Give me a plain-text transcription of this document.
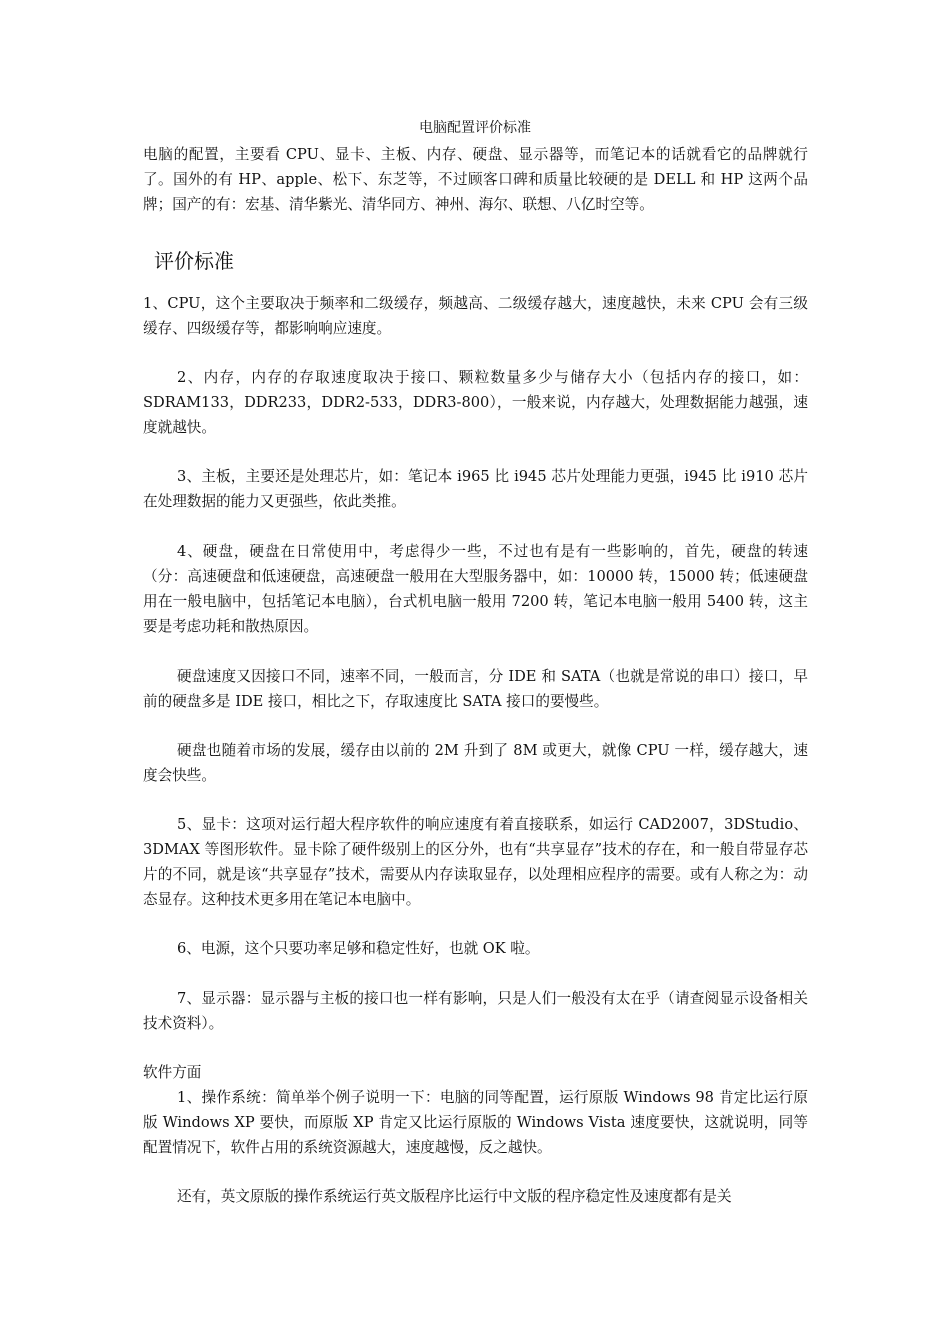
电脑配置评价标准

电脑的配置，主要看 CPU、显卡、主板、内存、硬盘、显示器等，而笔记本的话就看它的品牌就行了。国外的有 HP、apple、松下、东芝等，不过顾客口碑和质量比较硬的是 DELL 和 HP 这两个品牌；国产的有：宏基、清华紫光、清华同方、神州、海尔、联想、八亿时空等。

评价标准

1、CPU，这个主要取决于频率和二级缓存，频越高、二级缓存越大，速度越快，未来 CPU 会有三级缓存、四级缓存等，都影响响应速度。

2、内存，内存的存取速度取决于接口、颗粒数量多少与储存大小（包括内存的接口，如：SDRAM133，DDR233，DDR2-533，DDR3-800），一般来说，内存越大，处理数据能力越强，速度就越快。

3、主板，主要还是处理芯片，如：笔记本 i965 比 i945 芯片处理能力更强，i945 比 i910 芯片在处理数据的能力又更强些，依此类推。

4、硬盘，硬盘在日常使用中，考虑得少一些，不过也有是有一些影响的，首先，硬盘的转速（分：高速硬盘和低速硬盘，高速硬盘一般用在大型服务器中，如：10000 转，15000 转；低速硬盘用在一般电脑中，包括笔记本电脑），台式机电脑一般用 7200 转，笔记本电脑一般用 5400 转，这主要是考虑功耗和散热原因。

硬盘速度又因接口不同，速率不同，一般而言，分 IDE 和 SATA（也就是常说的串口）接口，早前的硬盘多是 IDE 接口，相比之下，存取速度比 SATA 接口的要慢些。

硬盘也随着市场的发展，缓存由以前的 2M 升到了 8M 或更大，就像 CPU 一样，缓存越大，速度会快些。

5、显卡：这项对运行超大程序软件的响应速度有着直接联系，如运行 CAD2007，3DStudio、3DMAX 等图形软件。显卡除了硬件级别上的区分外，也有“共享显存”技术的存在，和一般自带显存芯片的不同，就是该“共享显存”技术，需要从内存读取显存，以处理相应程序的需要。或有人称之为：动态显存。这种技术更多用在笔记本电脑中。

6、电源，这个只要功率足够和稳定性好，也就 OK 啦。

7、显示器：显示器与主板的接口也一样有影响，只是人们一般没有太在乎（请查阅显示设备相关技术资料）。

软件方面

1、操作系统：简单举个例子说明一下：电脑的同等配置，运行原版 Windows 98 肯定比运行原版 Windows XP 要快，而原版 XP 肯定又比运行原版的 Windows Vista 速度要快，这就说明，同等配置情况下，软件占用的系统资源越大，速度越慢，反之越快。

还有，英文原版的操作系统运行英文版程序比运行中文版的程序稳定性及速度都有是关
